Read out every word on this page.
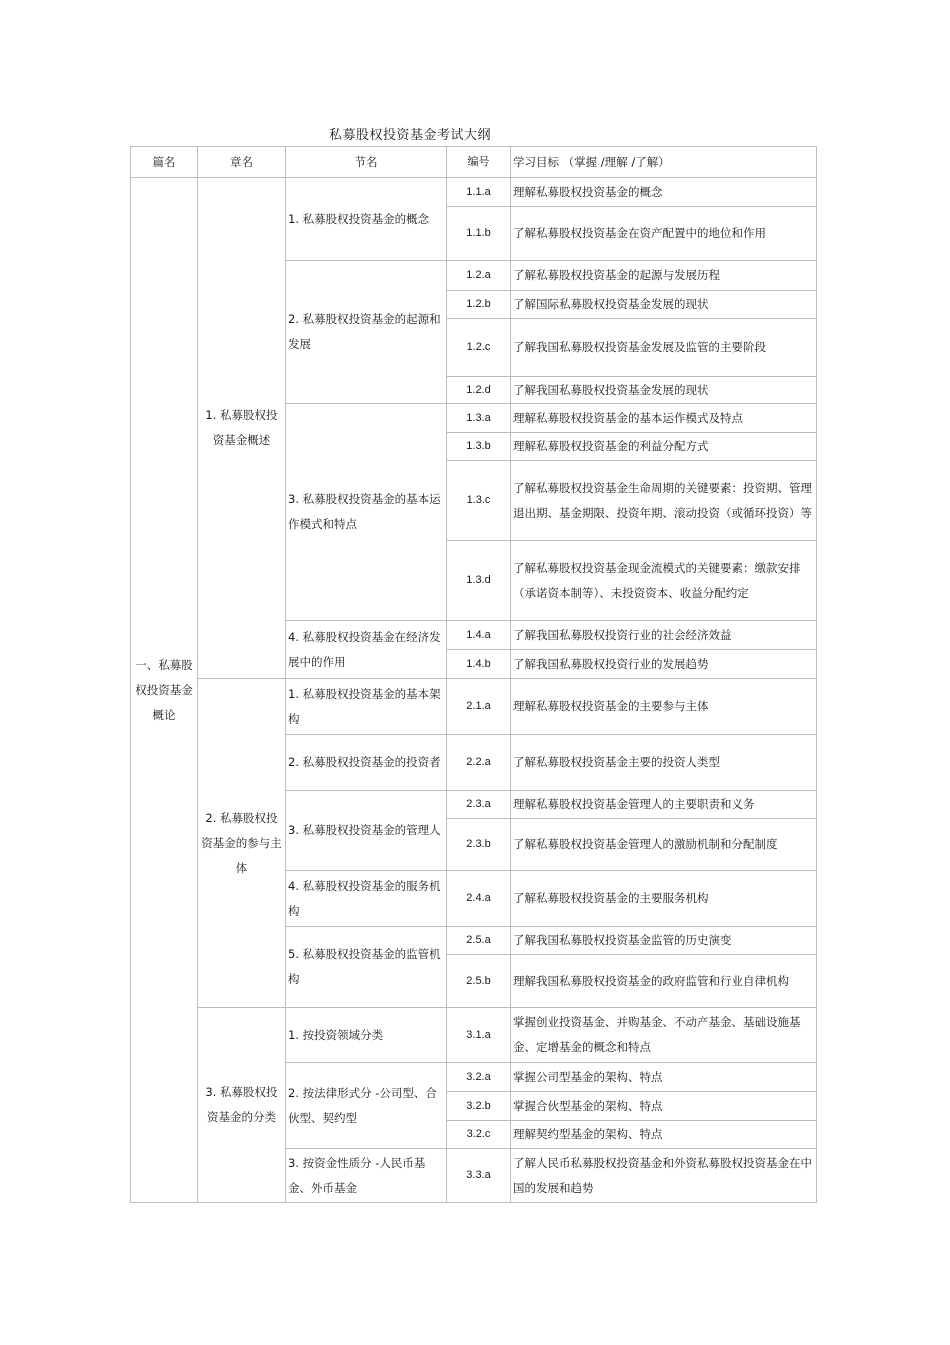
私募股权投资基金考试大纲
篇名	章名	节名	编号	学习目标 （掌握 /理解 /了解）
一、私募股权投资基金概论	1. 私募股权投资基金概述	1. 私募股权投资基金的概念	1.1.a	理解私募股权投资基金的概念
			1.1.b	了解私募股权投资基金在资产配置中的地位和作用
		2. 私募股权投资基金的起源和发展	1.2.a	了解私募股权投资基金的起源与发展历程
			1.2.b	了解国际私募股权投资基金发展的现状
			1.2.c	了解我国私募股权投资基金发展及监管的主要阶段
			1.2.d	了解我国私募股权投资基金发展的现状
		3. 私募股权投资基金的基本运作模式和特点	1.3.a	理解私募股权投资基金的基本运作模式及特点
			1.3.b	理解私募股权投资基金的利益分配方式
			1.3.c	了解私募股权投资基金生命周期的关键要素：投资期、管理退出期、基金期限、投资年期、滚动投资（或循环投资）等
			1.3.d	了解私募股权投资基金现金流模式的关键要素：缴款安排（承诺资本制等）、未投资资本、收益分配约定
		4. 私募股权投资基金在经济发展中的作用	1.4.a	了解我国私募股权投资行业的社会经济效益
			1.4.b	了解我国私募股权投资行业的发展趋势
	2. 私募股权投资基金的参与主体	1. 私募股权投资基金的基本架构	2.1.a	理解私募股权投资基金的主要参与主体
		2. 私募股权投资基金的投资者	2.2.a	了解私募股权投资基金主要的投资人类型
		3. 私募股权投资基金的管理人	2.3.a	理解私募股权投资基金管理人的主要职责和义务
			2.3.b	了解私募股权投资基金管理人的激励机制和分配制度
		4. 私募股权投资基金的服务机构	2.4.a	了解私募股权投资基金的主要服务机构
		5. 私募股权投资基金的监管机构	2.5.a	了解我国私募股权投资基金监管的历史演变
			2.5.b	理解我国私募股权投资基金的政府监管和行业自律机构
	3. 私募股权投资基金的分类	1. 按投资领域分类	3.1.a	掌握创业投资基金、并购基金、不动产基金、基础设施基金、定增基金的概念和特点
		2. 按法律形式分 -公司型、合伙型、契约型	3.2.a	掌握公司型基金的架构、特点
			3.2.b	掌握合伙型基金的架构、特点
			3.2.c	理解契约型基金的架构、特点
		3. 按资金性质分 -人民币基金、外币基金	3.3.a	了解人民币私募股权投资基金和外资私募股权投资基金在中国的发展和趋势
